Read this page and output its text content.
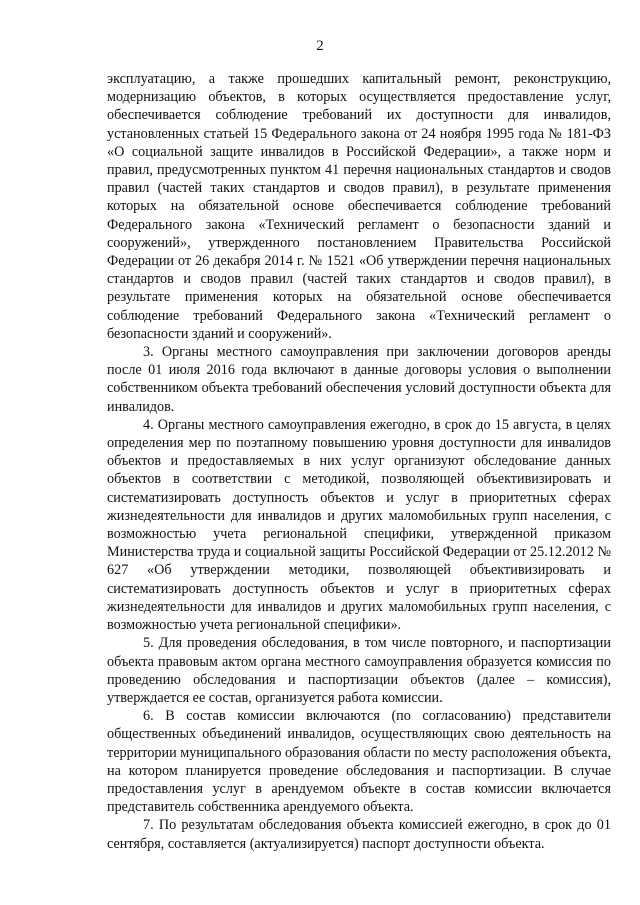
2

эксплуатацию, а также прошедших капитальный ремонт, реконструкцию, модернизацию объектов, в которых осуществляется предоставление услуг, обеспечивается соблюдение требований их доступности для инвалидов, установленных статьей 15 Федерального закона от 24 ноября 1995 года № 181-ФЗ «О социальной защите инвалидов в Российской Федерации», а также норм и правил, предусмотренных пунктом 41 перечня национальных стандартов и сводов правил (частей таких стандартов и сводов правил), в результате применения которых на обязательной основе обеспечивается соблюдение требований Федерального закона «Технический регламент о безопасности зданий и сооружений», утвержденного постановлением Правительства Российской Федерации от 26 декабря 2014 г. № 1521 «Об утверждении перечня национальных стандартов и сводов правил (частей таких стандартов и сводов правил), в результате применения которых на обязательной основе обеспечивается соблюдение требований Федерального закона «Технический регламент о безопасности зданий и сооружений».

3. Органы местного самоуправления при заключении договоров аренды после 01 июля 2016 года включают в данные договоры условия о выполнении собственником объекта требований обеспечения условий доступности объекта для инвалидов.

4. Органы местного самоуправления ежегодно, в срок до 15 августа, в целях определения мер по поэтапному повышению уровня доступности для инвалидов объектов и предоставляемых в них услуг организуют обследование данных объектов в соответствии с методикой, позволяющей объективизировать и систематизировать доступность объектов и услуг в приоритетных сферах жизнедеятельности для инвалидов и других маломобильных групп населения, с возможностью учета региональной специфики, утвержденной приказом Министерства труда и социальной защиты Российской Федерации от 25.12.2012 № 627 «Об утверждении методики, позволяющей объективизировать и систематизировать доступность объектов и услуг в приоритетных сферах жизнедеятельности для инвалидов и других маломобильных групп населения, с возможностью учета региональной специфики».

5. Для проведения обследования, в том числе повторного, и паспортизации объекта правовым актом органа местного самоуправления образуется комиссия по проведению обследования и паспортизации объектов (далее – комиссия), утверждается ее состав, организуется работа комиссии.

6. В состав комиссии включаются (по согласованию) представители общественных объединений инвалидов, осуществляющих свою деятельность на территории муниципального образования области по месту расположения объекта, на котором планируется проведение обследования и паспортизации. В случае предоставления услуг в арендуемом объекте в состав комиссии включается представитель собственника арендуемого объекта.

7. По результатам обследования объекта комиссией ежегодно, в срок до 01 сентября, составляется (актуализируется) паспорт доступности объекта.
